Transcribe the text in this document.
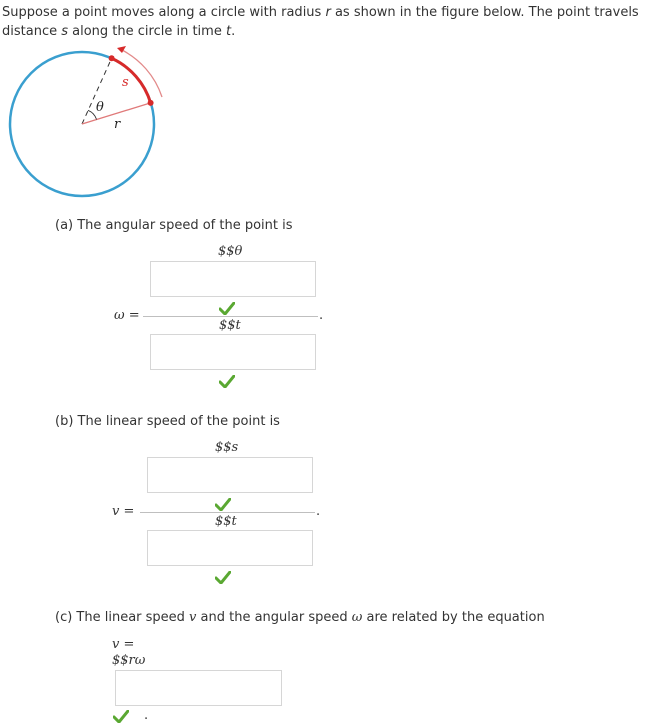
Suppose a point moves along a circle with radius r as shown in the figure below. The point travels
distance s along the circle in time t.
s
θ
r
(a) The angular speed of the point is
$$θ
ω =	.
$$t
(b) The linear speed of the point is
$$s
v =	.
$$t
(c) The linear speed v and the angular speed ω are related by the equation
v =
$$rω
.
